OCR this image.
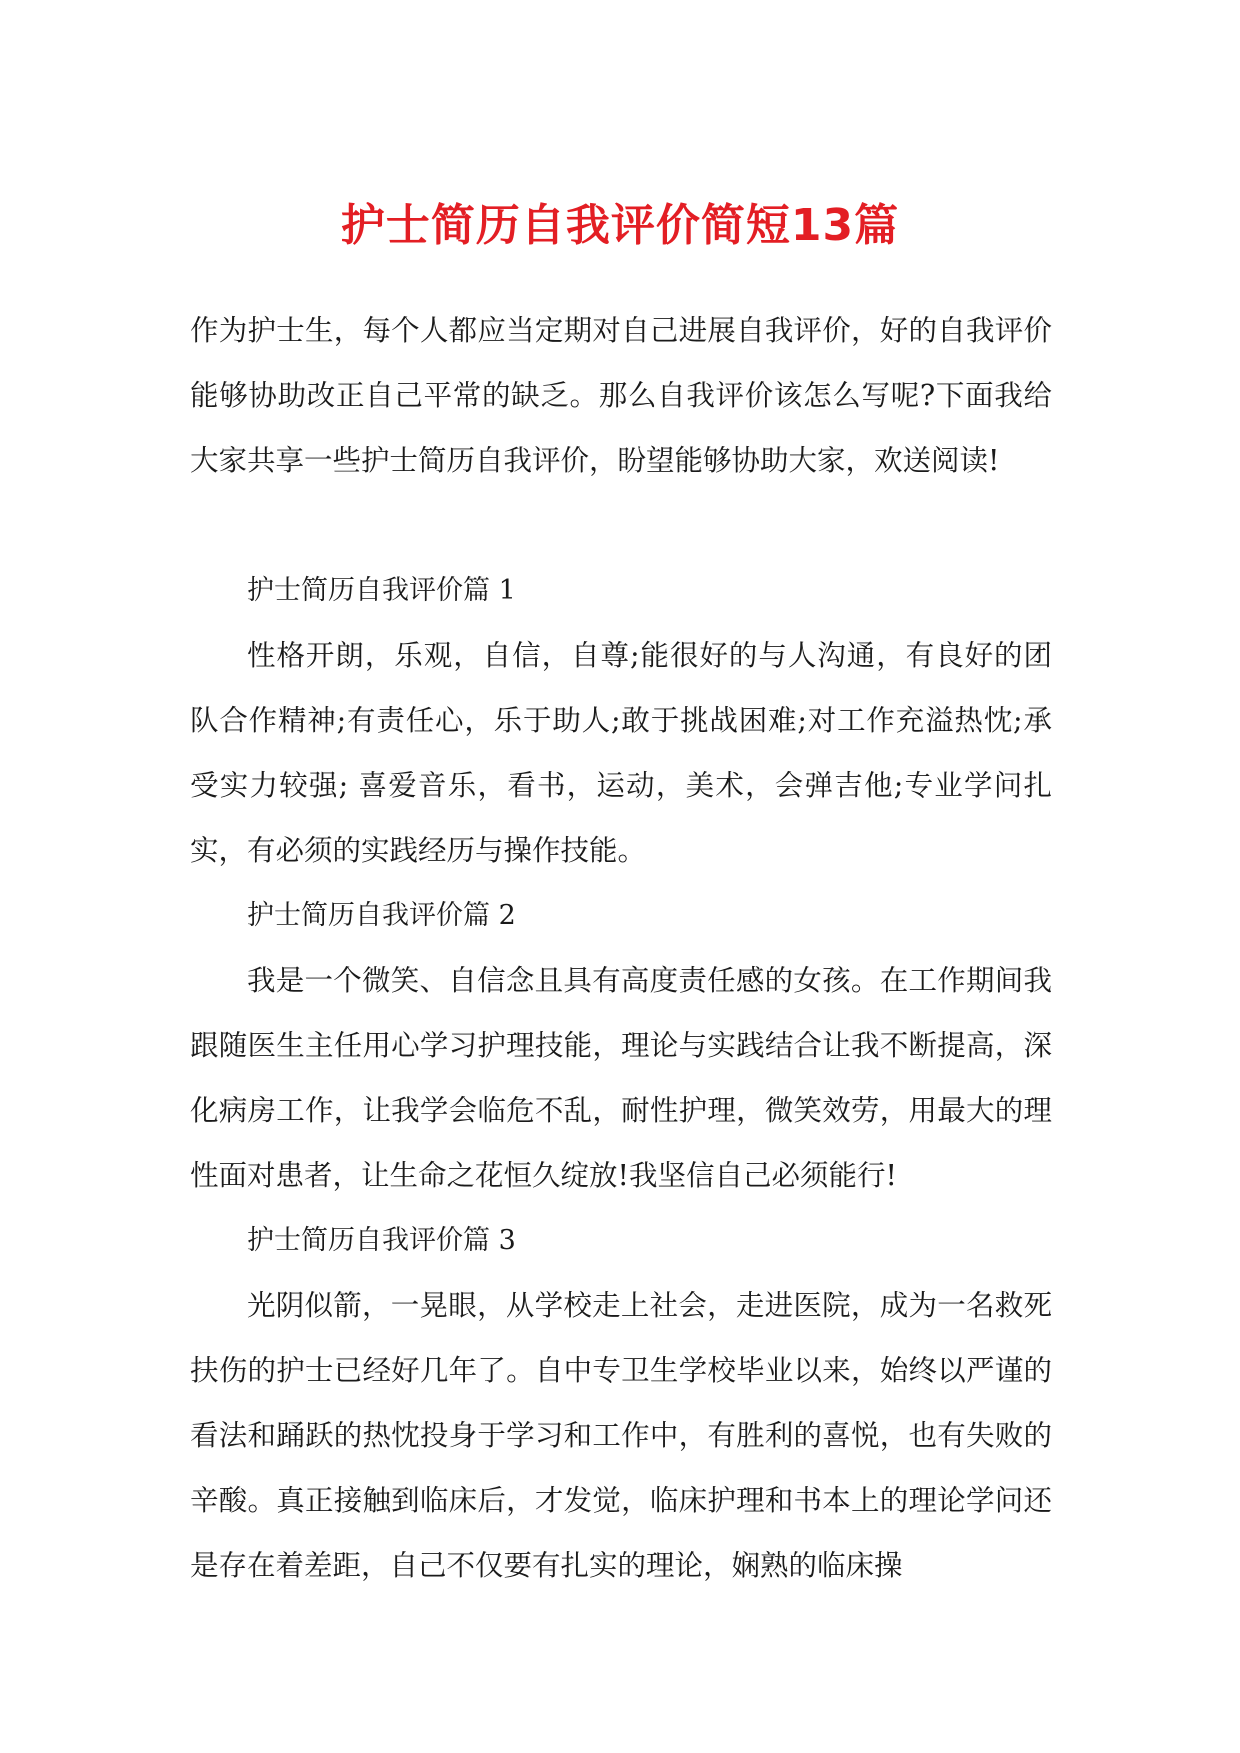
护士简历自我评价简短13篇

作为护士生，每个人都应当定期对自己进展自我评价，好的自我评价能够协助改正自己平常的缺乏。那么自我评价该怎么写呢?下面我给大家共享一些护士简历自我评价，盼望能够协助大家，欢送阅读!

护士简历自我评价篇 1

性格开朗，乐观，自信，自尊;能很好的与人沟通，有良好的团队合作精神;有责任心，乐于助人;敢于挑战困难;对工作充溢热忱;承受实力较强; 喜爱音乐，看书，运动，美术，会弹吉他;专业学问扎实，有必须的实践经历与操作技能。

护士简历自我评价篇 2

我是一个微笑、自信念且具有高度责任感的女孩。在工作期间我跟随医生主任用心学习护理技能，理论与实践结合让我不断提高，深化病房工作，让我学会临危不乱，耐性护理，微笑效劳，用最大的理性面对患者，让生命之花恒久绽放!我坚信自己必须能行!

护士简历自我评价篇 3

光阴似箭，一晃眼，从学校走上社会，走进医院，成为一名救死扶伤的护士已经好几年了。自中专卫生学校毕业以来，始终以严谨的看法和踊跃的热忱投身于学习和工作中，有胜利的喜悦，也有失败的辛酸。真正接触到临床后，才发觉，临床护理和书本上的理论学问还是存在着差距，自己不仅要有扎实的理论，娴熟的临床操
